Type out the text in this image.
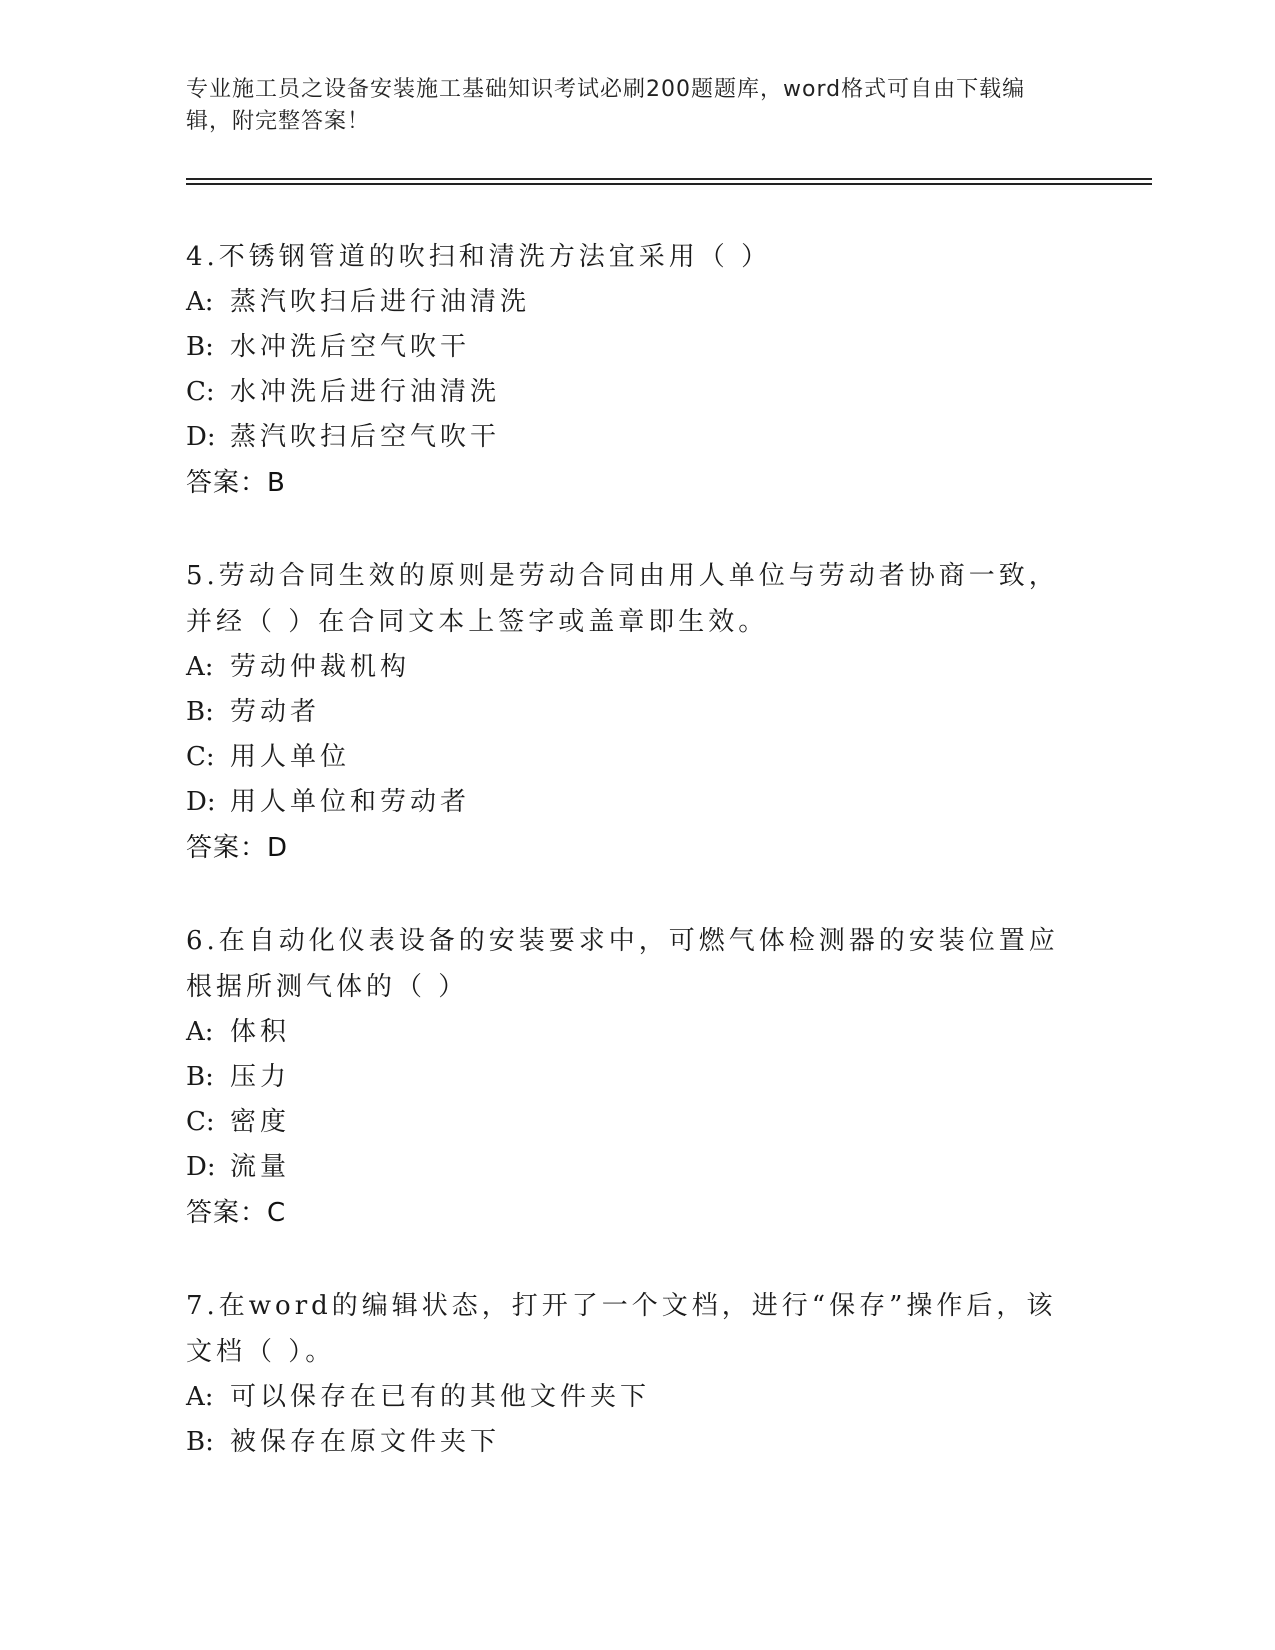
专业施工员之设备安装施工基础知识考试必刷200题题库，word格式可自由下载编辑，附完整答案！

4.不锈钢管道的吹扫和清洗方法宜采用（ ）

A: 蒸汽吹扫后进行油清洗

B: 水冲洗后空气吹干

C: 水冲洗后进行油清洗

D: 蒸汽吹扫后空气吹干

答案：B

5.劳动合同生效的原则是劳动合同由用人单位与劳动者协商一致，并经（ ）在合同文本上签字或盖章即生效。

A: 劳动仲裁机构

B: 劳动者

C: 用人单位

D: 用人单位和劳动者

答案：D

6.在自动化仪表设备的安装要求中，可燃气体检测器的安装位置应根据所测气体的（ ）

A: 体积

B: 压力

C: 密度

D: 流量

答案：C

7.在word的编辑状态，打开了一个文档，进行“保存”操作后，该文档（ ）。

A: 可以保存在已有的其他文件夹下

B: 被保存在原文件夹下
